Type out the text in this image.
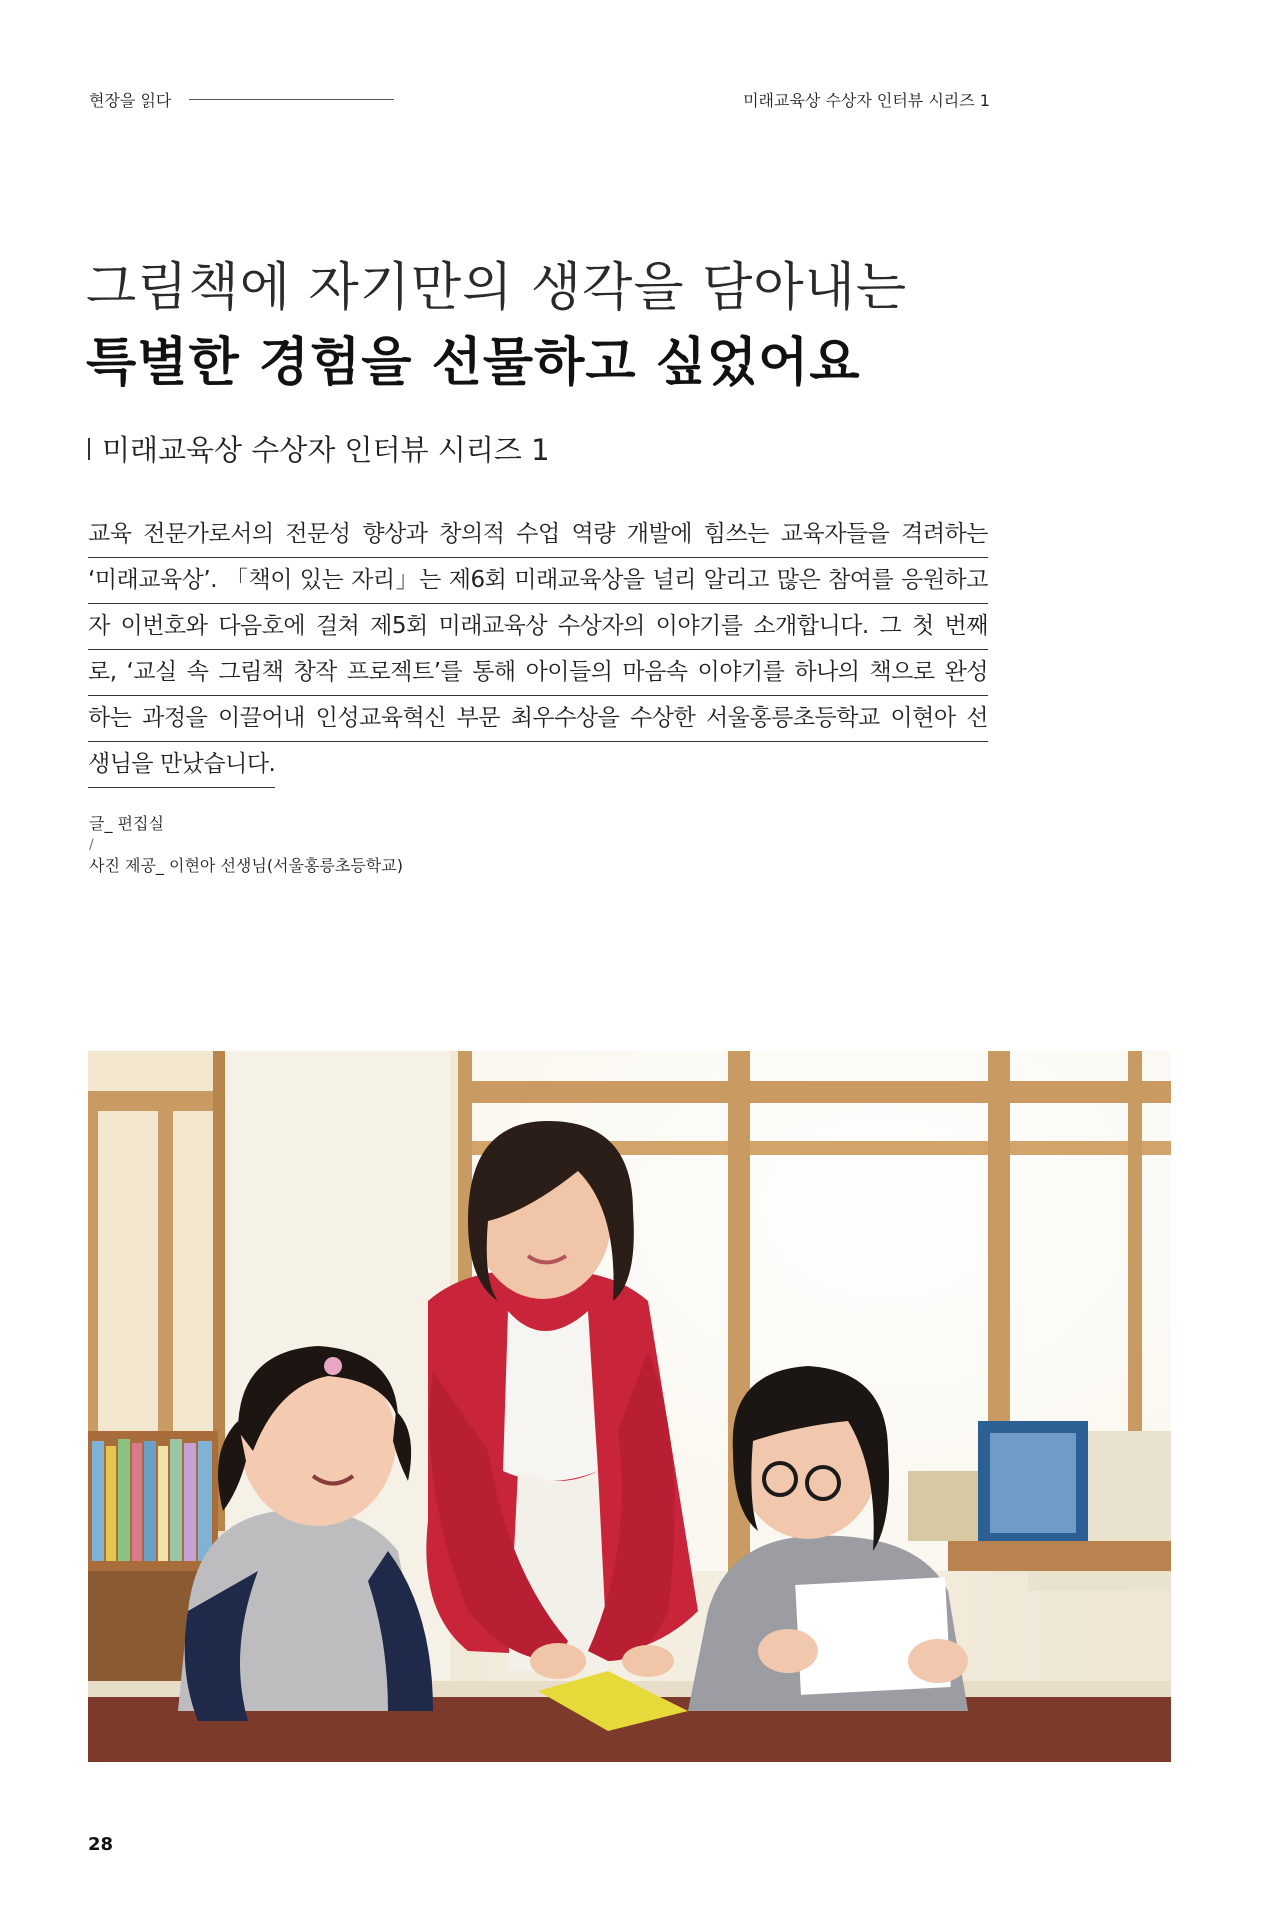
현장을 읽다	미래교육상 수상자 인터뷰 시리즈 1
그림책에 자기만의 생각을 담아내는
특별한 경험을 선물하고 싶었어요
미래교육상 수상자 인터뷰 시리즈 1
교육 전문가로서의 전문성 향상과 창의적 수업 역량 개발에 힘쓰는 교육자들을 격려하는
‘미래교육상’. 「책이 있는 자리」는 제6회 미래교육상을 널리 알리고 많은 참여를 응원하고
자 이번호와 다음호에 걸쳐 제5회 미래교육상 수상자의 이야기를 소개합니다. 그 첫 번째
로, ‘교실 속 그림책 창작 프로젝트’를 통해 아이들의 마음속 이야기를 하나의 책으로 완성
하는 과정을 이끌어내 인성교육혁신 부문 최우수상을 수상한 서울홍릉초등학교 이현아 선
생님을 만났습니다.
글_ 편집실
/
사진 제공_ 이현아 선생님(서울홍릉초등학교)
28
